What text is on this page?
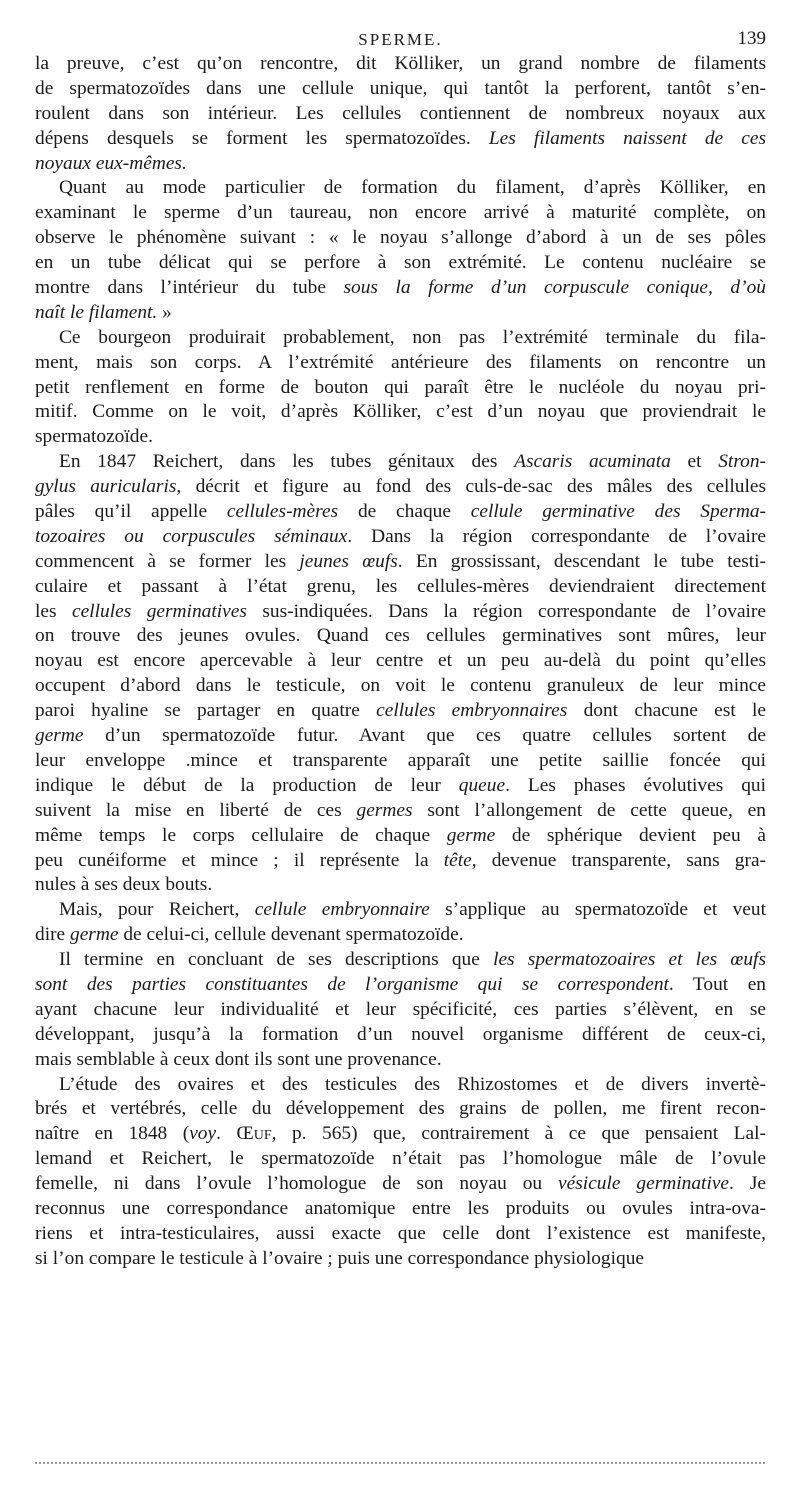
SPERME.	139
la preuve, c’est qu’on rencontre, dit Kölliker, un grand nombre de filaments
de spermatozoïdes dans une cellule unique, qui tantôt la perforent, tantôt s’en-
roulent dans son intérieur. Les cellules contiennent de nombreux noyaux aux
dépens desquels se forment les spermatozoïdes. Les filaments naissent de ces
noyaux eux-mêmes.
Quant au mode particulier de formation du filament, d’après Kölliker, en
examinant le sperme d’un taureau, non encore arrivé à maturité complète, on
observe le phénomène suivant : « le noyau s’allonge d’abord à un de ses pôles
en un tube délicat qui se perfore à son extrémité. Le contenu nucléaire se
montre dans l’intérieur du tube sous la forme d’un corpuscule conique, d’où
naît le filament. »
Ce bourgeon produirait probablement, non pas l’extrémité terminale du fila-
ment, mais son corps. A l’extrémité antérieure des filaments on rencontre un
petit renflement en forme de bouton qui paraît être le nucléole du noyau pri-
mitif. Comme on le voit, d’après Kölliker, c’est d’un noyau que proviendrait le
spermatozoïde.
En 1847 Reichert, dans les tubes génitaux des Ascaris acuminata et Stron-
gylus auricularis, décrit et figure au fond des culs-de-sac des mâles des cellules
pâles qu’il appelle cellules-mères de chaque cellule germinative des Sperma-
tozoaires ou corpuscules séminaux. Dans la région correspondante de l’ovaire
commencent à se former les jeunes œufs. En grossissant, descendant le tube testi-
culaire et passant à l’état grenu, les cellules-mères deviendraient directement
les cellules germinatives sus-indiquées. Dans la région correspondante de l’ovaire
on trouve des jeunes ovules. Quand ces cellules germinatives sont mûres, leur
noyau est encore apercevable à leur centre et un peu au-delà du point qu’elles
occupent d’abord dans le testicule, on voit le contenu granuleux de leur mince
paroi hyaline se partager en quatre cellules embryonnaires dont chacune est le
germe d’un spermatozoïde futur. Avant que ces quatre cellules sortent de
leur enveloppe .mince et transparente apparaît une petite saillie foncée qui
indique le début de la production de leur queue. Les phases évolutives qui
suivent la mise en liberté de ces germes sont l’allongement de cette queue, en
même temps le corps cellulaire de chaque germe de sphérique devient peu à
peu cunéiforme et mince ; il représente la tête, devenue transparente, sans gra-
nules à ses deux bouts.
Mais, pour Reichert, cellule embryonnaire s’applique au spermatozoïde et veut
dire germe de celui-ci, cellule devenant spermatozoïde.
Il termine en concluant de ses descriptions que les spermatozoaires et les œufs
sont des parties constituantes de l’organisme qui se correspondent. Tout en
ayant chacune leur individualité et leur spécificité, ces parties s’élèvent, en se
développant, jusqu’à la formation d’un nouvel organisme différent de ceux-ci,
mais semblable à ceux dont ils sont une provenance.
L’étude des ovaires et des testicules des Rhizostomes et de divers invertè-
brés et vertébrés, celle du développement des grains de pollen, me firent recon-
naître en 1848 (voy. Œuf, p. 565) que, contrairement à ce que pensaient Lal-
lemand et Reichert, le spermatozoïde n’était pas l’homologue mâle de l’ovule
femelle, ni dans l’ovule l’homologue de son noyau ou vésicule germinative. Je
reconnus une correspondance anatomique entre les produits ou ovules intra-ova-
riens et intra-testiculaires, aussi exacte que celle dont l’existence est manifeste,
si l’on compare le testicule à l’ovaire ; puis une correspondance physiologique
